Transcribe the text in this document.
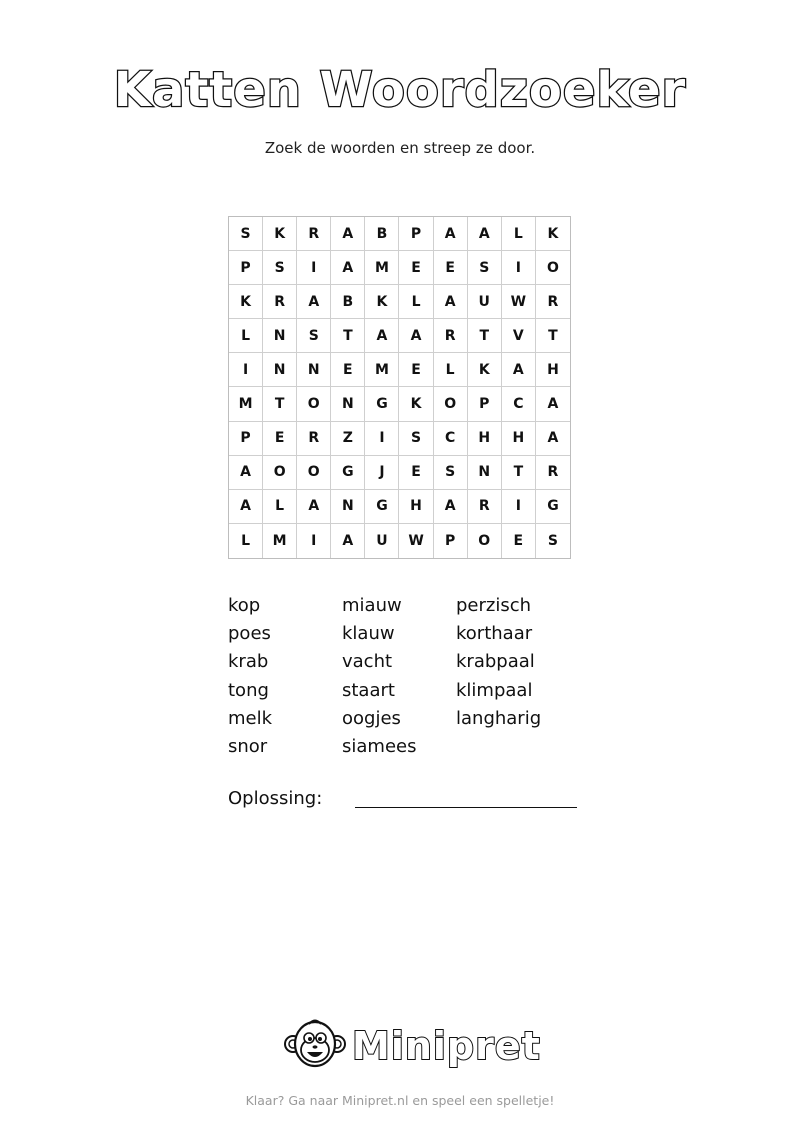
Katten Woordzoeker
Zoek de woorden en streep ze door.
S	K	R	A	B	P	A	A	L	K
P	S	I	A	M	E	E	S	I	O
K	R	A	B	K	L	A	U	W	R
L	N	S	T	A	A	R	T	V	T
I	N	N	E	M	E	L	K	A	H
M	T	O	N	G	K	O	P	C	A
P	E	R	Z	I	S	C	H	H	A
A	O	O	G	J	E	S	N	T	R
A	L	A	N	G	H	A	R	I	G
L	M	I	A	U	W	P	O	E	S
kop
poes
krab
tong
melk
snor
miauw
klauw
vacht
staart
oogjes
siamees
perzisch
korthaar
krabpaal
klimpaal
langharig
Oplossing:
Minipret
Klaar? Ga naar Minipret.nl en speel een spelletje!
